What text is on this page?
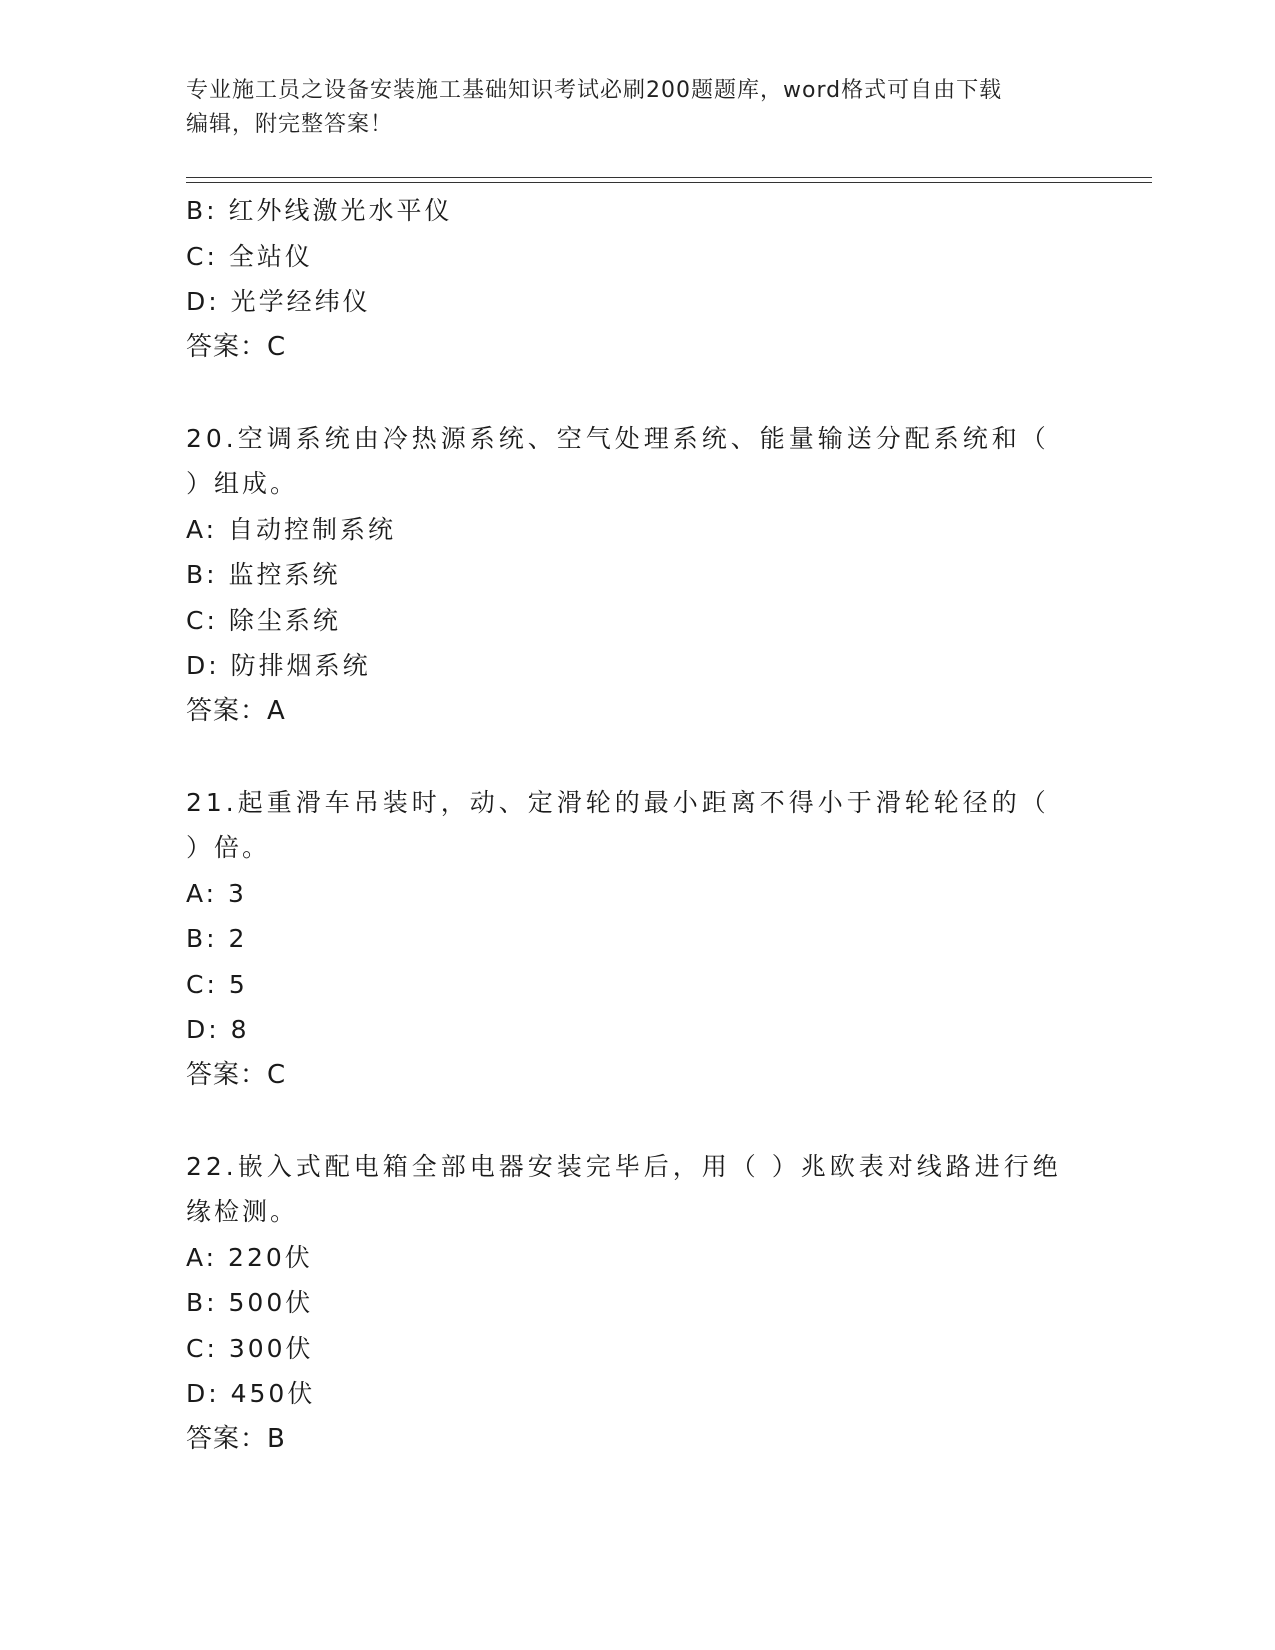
专业施工员之设备安装施工基础知识考试必刷200题题库，word格式可自由下载
编辑，附完整答案！
B: 红外线激光水平仪
C: 全站仪
D: 光学经纬仪
答案：C
20.空调系统由冷热源系统、空气处理系统、能量输送分配系统和（
）组成。
A: 自动控制系统
B: 监控系统
C: 除尘系统
D: 防排烟系统
答案：A
21.起重滑车吊装时，动、定滑轮的最小距离不得小于滑轮轮径的（
）倍。
A: 3
B: 2
C: 5
D: 8
答案：C
22.嵌入式配电箱全部电器安装完毕后，用（ ）兆欧表对线路进行绝
缘检测。
A: 220伏
B: 500伏
C: 300伏
D: 450伏
答案：B
